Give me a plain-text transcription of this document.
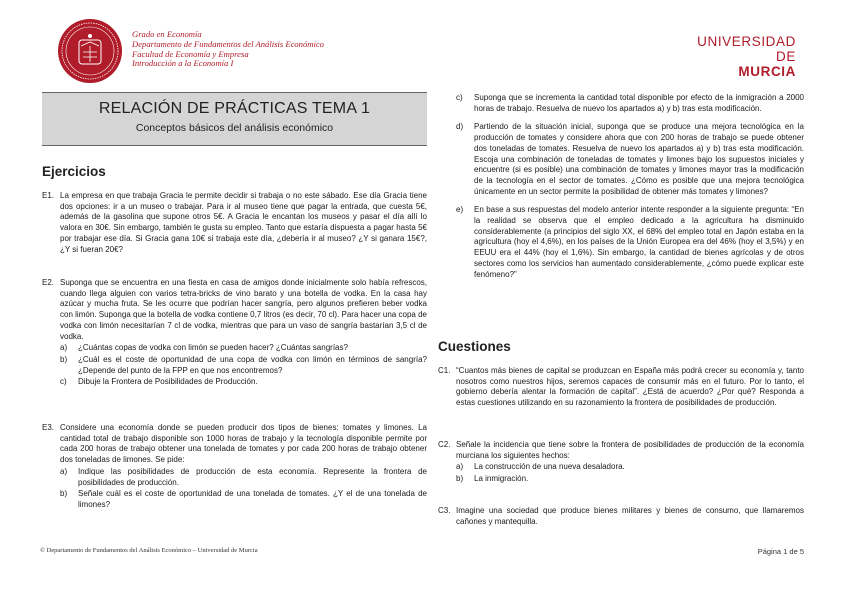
Grado en Economía
Departamento de Fundamentos del Análisis Económico
Facultad de Economía y Empresa
Introducción a la Economía I
UNIVERSIDAD DE
MURCIA
RELACIÓN DE PRÁCTICAS TEMA 1
Conceptos básicos del análisis económico
Ejercicios
E1. La empresa en que trabaja Gracia le permite decidir si trabaja o no este sábado. Ese día Gracia tiene dos opciones: ir a un museo o trabajar. Para ir al museo tiene que pagar la entrada, que cuesta 5€, además de la gasolina que supone otros 5€. A Gracia le encantan los museos y pasar el día allí lo valora en 30€. Sin embargo, también le gusta su empleo. Tanto que estaría dispuesta a pagar hasta 5€ por trabajar ese día. Si Gracia gana 10€ si trabaja este día, ¿debería ir al museo? ¿Y si ganara 15€?, ¿Y si fueran 20€?
E2. Suponga que se encuentra en una fiesta en casa de amigos donde inicialmente solo había refrescos, cuando llega alguien con varios tetra-bricks de vino barato y una botella de vodka. En la casa hay azúcar y mucha fruta. Se les ocurre que podrían hacer sangría, pero algunos prefieren beber vodka con limón. Suponga que la botella de vodka contiene 0,7 litros (es decir, 70 cl). Para hacer una copa de vodka con limón necesitarían 7 cl de vodka, mientras que para un vaso de sangría bastarían 3,5 cl de vodka.
a) ¿Cuántas copas de vodka con limón se pueden hacer? ¿Cuántas sangrías?
b) ¿Cuál es el coste de oportunidad de una copa de vodka con limón en términos de sangría? ¿Depende del punto de la FPP en que nos encontremos?
c) Dibuje la Frontera de Posibilidades de Producción.
E3. Considere una economía donde se pueden producir dos tipos de bienes: tomates y limones. La cantidad total de trabajo disponible son 1000 horas de trabajo y la tecnología disponible permite por cada 200 horas de trabajo obtener una tonelada de tomates y por cada 200 horas de trabajo obtener dos toneladas de limones. Se pide:
a) Indique las posibilidades de producción de esta economía. Represente la frontera de posibilidades de producción.
b) Señale cuál es el coste de oportunidad de una tonelada de tomates. ¿Y el de una tonelada de limones?
c) Suponga que se incrementa la cantidad total disponible por efecto de la inmigración a 2000 horas de trabajo. Resuelva de nuevo los apartados a) y b) tras esta modificación.
d) Partiendo de la situación inicial, suponga que se produce una mejora tecnológica en la producción de tomates y considere ahora que con 200 horas de trabajo se puede obtener dos toneladas de tomates. Resuelva de nuevo los apartados a) y b) tras esta modificación. Escoja una combinación de toneladas de tomates y limones bajo los supuestos iniciales y encuentre (si es posible) una combinación de tomates y limones mayor tras la modificación de la tecnología en el sector de tomates. ¿Cómo es posible que una mejora tecnológica únicamente en un sector permite la posibilidad de obtener más tomates y limones?
e) En base a sus respuestas del modelo anterior intente responder a la siguiente pregunta: “En la realidad se observa que el empleo dedicado a la agricultura ha disminuido considerablemente (a principios del siglo XX, el 68% del empleo total en Japón estaba en la agricultura (hoy el 4,6%), en los países de la Unión Europea era del 46% (hoy el 3,5%) y en EEUU era el 44% (hoy el 1,6%). Sin embargo, la cantidad de bienes agrícolas y de otros sectores como los servicios han aumentado considerablemente, ¿cómo puede explicar este fenómeno?”
Cuestiones
C1. “Cuantos más bienes de capital se produzcan en España más podrá crecer su economía y, tanto nosotros como nuestros hijos, seremos capaces de consumir más en el futuro. Por lo tanto, el gobierno debería alentar la formación de capital”. ¿Está de acuerdo? ¿Por qué? Responda a estas cuestiones utilizando en su razonamiento la frontera de posibilidades de producción.
C2. Señale la incidencia que tiene sobre la frontera de posibilidades de producción de la economía murciana los siguientes hechos:
a) La construcción de una nueva desaladora.
b) La inmigración.
C3. Imagine una sociedad que produce bienes militares y bienes de consumo, que llamaremos cañones y mantequilla.
© Departamento de Fundamentos del Análisis Económico – Universidad de Murcia	Página 1 de 5
